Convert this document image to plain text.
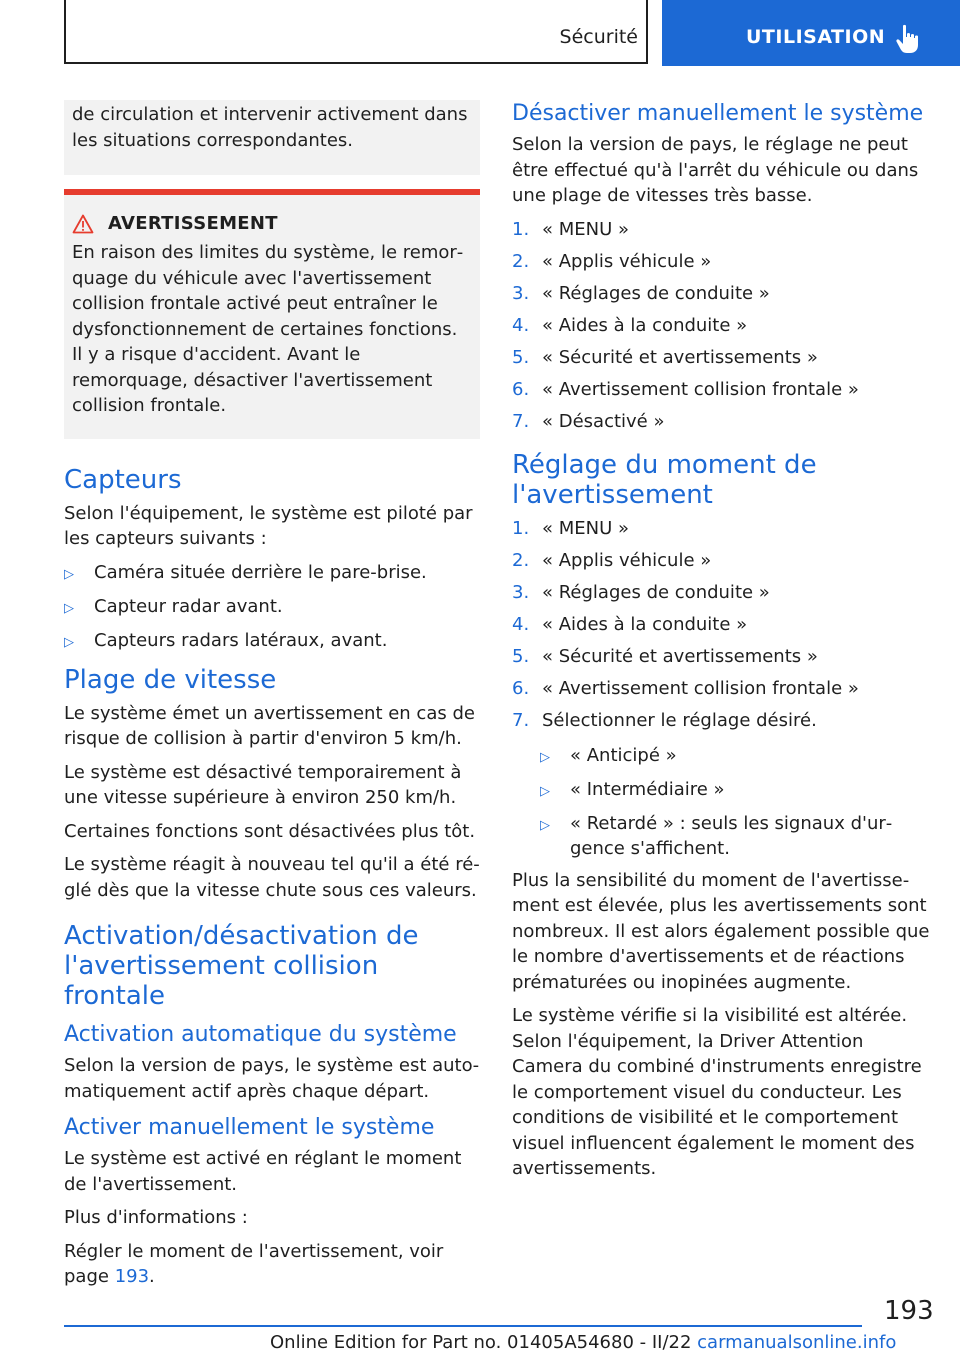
Sécurité	UTILISATION

de circulation et intervenir activement dans les situations correspondantes.

AVERTISSEMENT

En raison des limites du système, le remorquage du véhicule avec l'avertissement collision frontale activé peut entraîner le dysfonctionnement de certaines fonctions. Il y a risque d'accident. Avant le remorquage, désactiver l'avertissement collision frontale.

Capteurs

Selon l'équipement, le système est piloté par les capteurs suivants :

▷	Caméra située derrière le pare-brise.
▷	Capteur radar avant.
▷	Capteurs radars latéraux, avant.
Plage de vitesse

Le système émet un avertissement en cas de risque de collision à partir d'environ 5 km/h.

Le système est désactivé temporairement à une vitesse supérieure à environ 250 km/h.

Certaines fonctions sont désactivées plus tôt.

Le système réagit à nouveau tel qu'il a été réglé dès que la vitesse chute sous ces valeurs.

Activation/désactivation de l'avertissement collision frontale
Activation automatique du système

Selon la version de pays, le système est automatiquement actif après chaque départ.

Activer manuellement le système

Le système est activé en réglant le moment de l'avertissement.

Plus d'informations :

Régler le moment de l'avertissement, voir page 193.

Désactiver manuellement le système

Selon la version de pays, le réglage ne peut être effectué qu'à l'arrêt du véhicule ou dans une plage de vitesses très basse.

1. « MENU »
2. « Applis véhicule »
3. « Réglages de conduite »
4. « Aides à la conduite »
5. « Sécurité et avertissements »
6. « Avertissement collision frontale »
7. « Désactivé »
Réglage du moment de l'avertissement
1. « MENU »
2. « Applis véhicule »
3. « Réglages de conduite »
4. « Aides à la conduite »
5. « Sécurité et avertissements »
6. « Avertissement collision frontale »
7. Sélectionner le réglage désiré.
▷	« Anticipé »
▷	« Intermédiaire »
▷	« Retardé » : seuls les signaux d'urgence s'affichent.

Plus la sensibilité du moment de l'avertissement est élevée, plus les avertissements sont nombreux. Il est alors également possible que le nombre d'avertissements et de réactions prématurées ou inopinées augmente.

Le système vérifie si la visibilité est altérée. Selon l'équipement, la Driver Attention Camera du combiné d'instruments enregistre le comportement visuel du conducteur. Les conditions de visibilité et le comportement visuel influencent également le moment des avertissements.

193
Online Edition for Part no. 01405A54680 - II/22 carmanualsonline.info
